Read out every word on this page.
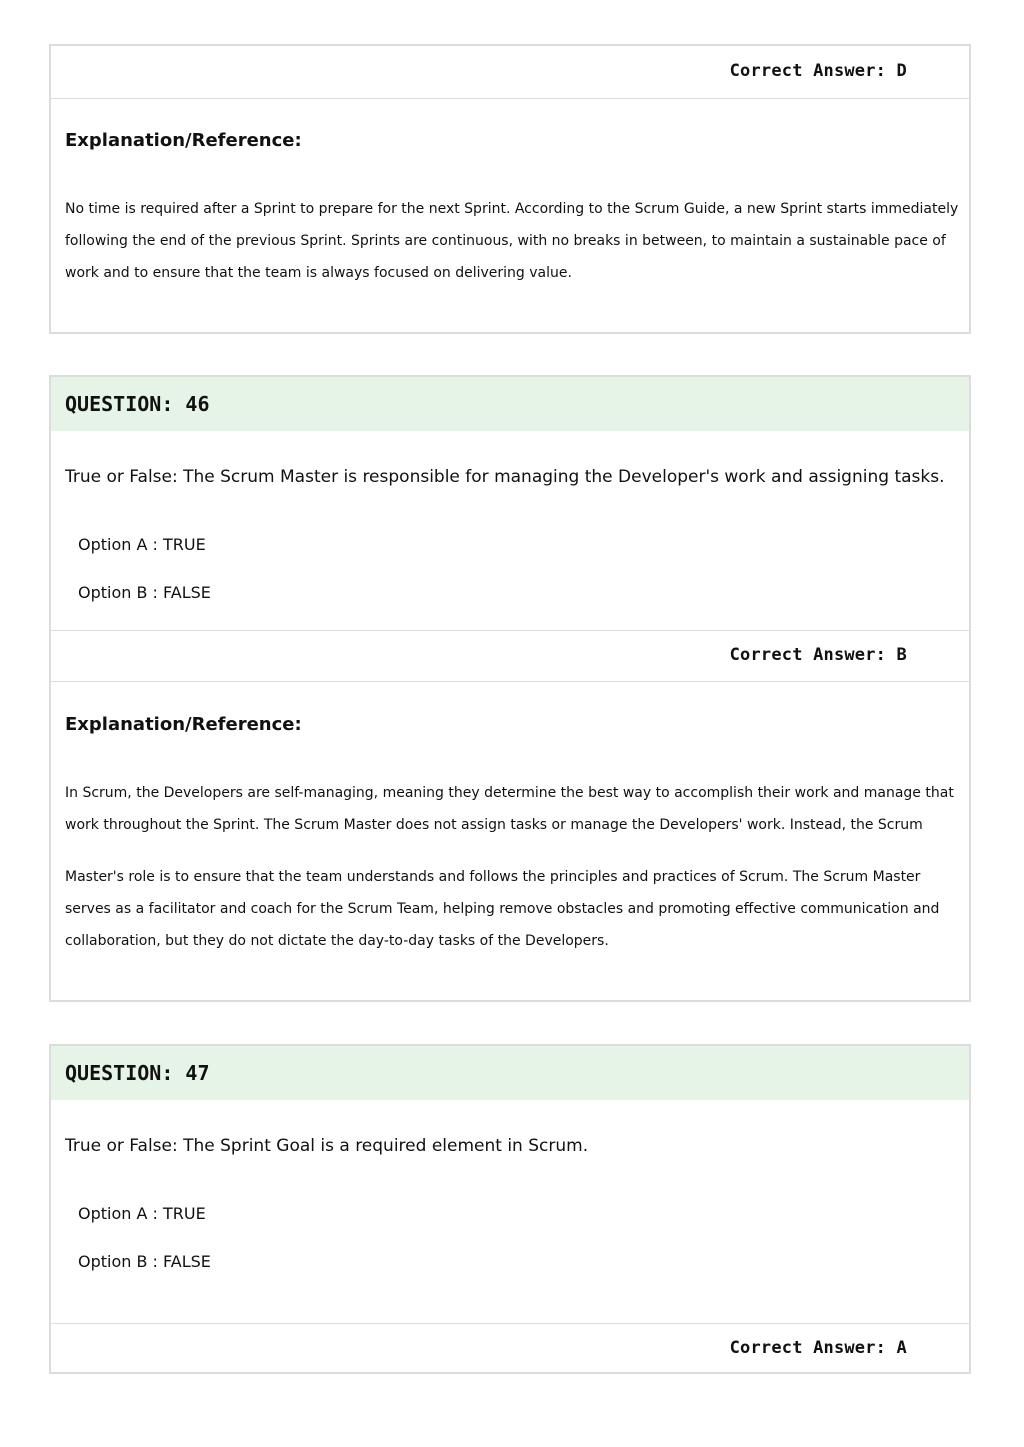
Correct Answer: D
Explanation/Reference:
No time is required after a Sprint to prepare for the next Sprint. According to the Scrum Guide, a new Sprint starts immediately
following the end of the previous Sprint. Sprints are continuous, with no breaks in between, to maintain a sustainable pace of
work and to ensure that the team is always focused on delivering value.
QUESTION: 46
True or False: The Scrum Master is responsible for managing the Developer's work and assigning tasks.
Option A : TRUE
Option B : FALSE
Correct Answer: B
Explanation/Reference:
In Scrum, the Developers are self-managing, meaning they determine the best way to accomplish their work and manage that
work throughout the Sprint. The Scrum Master does not assign tasks or manage the Developers' work. Instead, the Scrum
Master's role is to ensure that the team understands and follows the principles and practices of Scrum. The Scrum Master
serves as a facilitator and coach for the Scrum Team, helping remove obstacles and promoting effective communication and
collaboration, but they do not dictate the day-to-day tasks of the Developers.
QUESTION: 47
True or False: The Sprint Goal is a required element in Scrum.
Option A : TRUE
Option B : FALSE
Correct Answer: A
